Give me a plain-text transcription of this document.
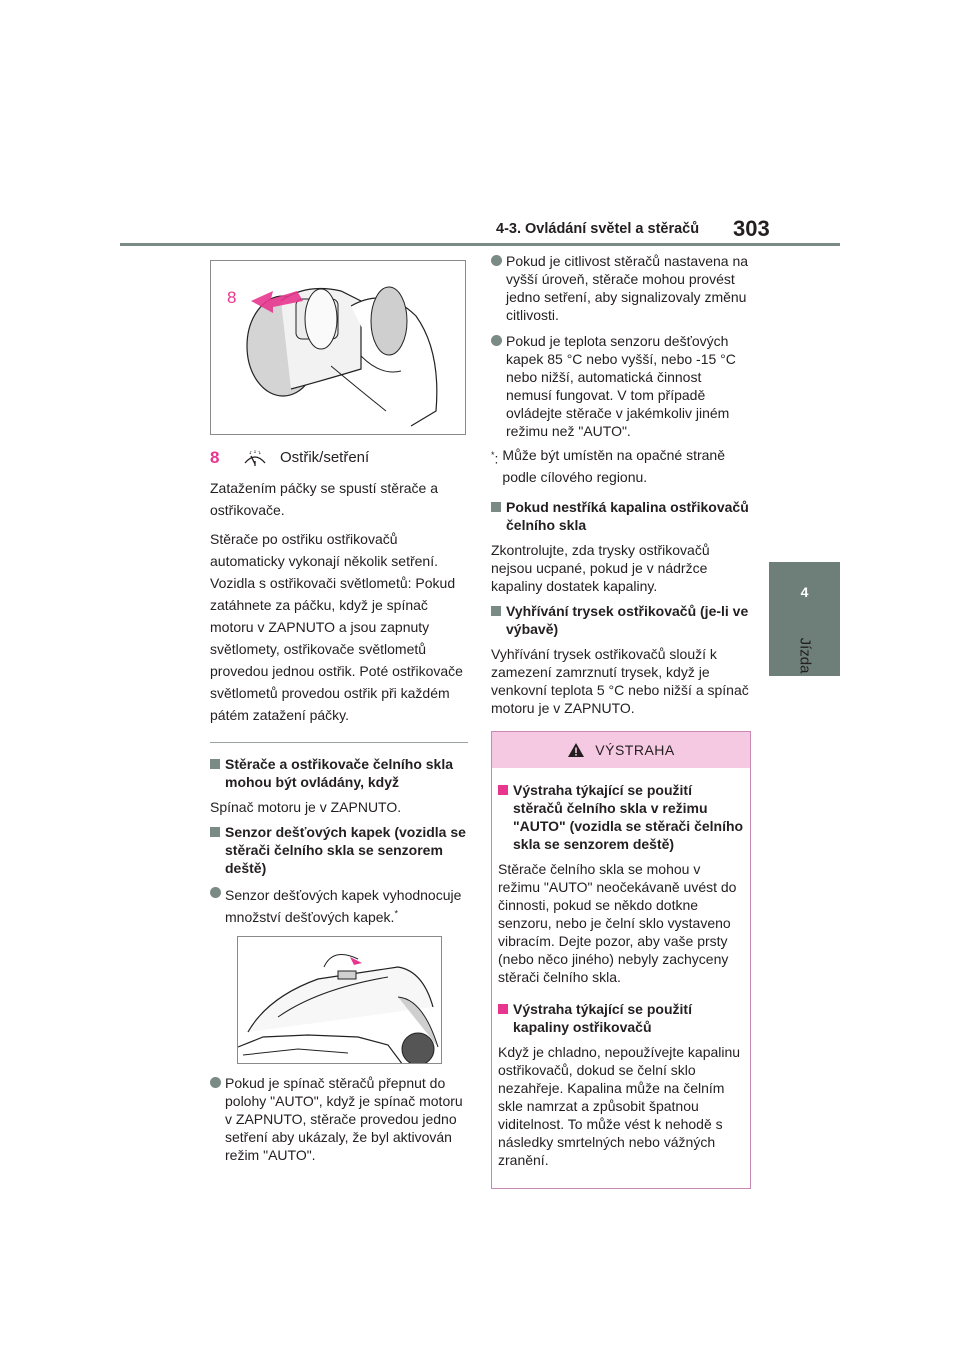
4-3. Ovládání světel a stěračů 303
4
Jízda
8
8	Ostřik/setření

Zatažením páčky se spustí stěrače a ostřikovače.

Stěrače po ostřiku ostřikovačů automaticky vykonají několik setření. Vozidla s ostřikovači světlometů: Pokud zatáhnete za páčku, když je spínač motoru v ZAPNUTO a jsou zapnuty světlomety, ostřikovače světlometů provedou jednou ostřik. Poté ostřikovače světlometů provedou ostřik při každém pátém zatažení páčky.

Stěrače a ostřikovače čelního skla mohou být ovládány, když

Spínač motoru je v ZAPNUTO.

Senzor dešťových kapek (vozidla se stěrači čelního skla se senzorem deště)
Senzor dešťových kapek vyhodnocuje množství dešťových kapek.*
Pokud je spínač stěračů přepnut do polohy "AUTO", když je spínač motoru v ZAPNUTO, stěrače provedou jedno setření aby ukázaly, že byl aktivován režim "AUTO".
Pokud je citlivost stěračů nastavena na vyšší úroveň, stěrače mohou provést jedno setření, aby signalizovaly změnu citlivosti.
Pokud je teplota senzoru dešťových kapek 85 °C nebo vyšší, nebo -15 °C nebo nižší, automatická činnost nemusí fungovat. V tom případě ovládejte stěrače v jakémkoliv jiném režimu než "AUTO".
*: Může být umístěn na opačné straně podle cílového regionu.
Pokud nestříká kapalina ostřikovačů čelního skla

Zkontrolujte, zda trysky ostřikovačů nejsou ucpané, pokud je v nádržce kapaliny dostatek kapaliny.

Vyhřívání trysek ostřikovačů (je-li ve výbavě)

Vyhřívání trysek ostřikovačů slouží k zamezení zamrznutí trysek, když je venkovní teplota 5 °C nebo nižší a spínač motoru je v ZAPNUTO.

VÝSTRAHA
Výstraha týkající se použití stěračů čelního skla v režimu "AUTO" (vozidla se stěrači čelního skla se senzorem deště)

Stěrače čelního skla se mohou v režimu "AUTO" neočekávaně uvést do činnosti, pokud se někdo dotkne senzoru, nebo je čelní sklo vystaveno vibracím. Dejte pozor, aby vaše prsty (nebo něco jiného) nebyly zachyceny stěrači čelního skla.

Výstraha týkající se použití kapaliny ostřikovačů

Když je chladno, nepoužívejte kapalinu ostřikovačů, dokud se čelní sklo nezahřeje. Kapalina může na čelním skle namrzat a způsobit špatnou viditelnost. To může vést k nehodě s následky smrtelných nebo vážných zranění.
